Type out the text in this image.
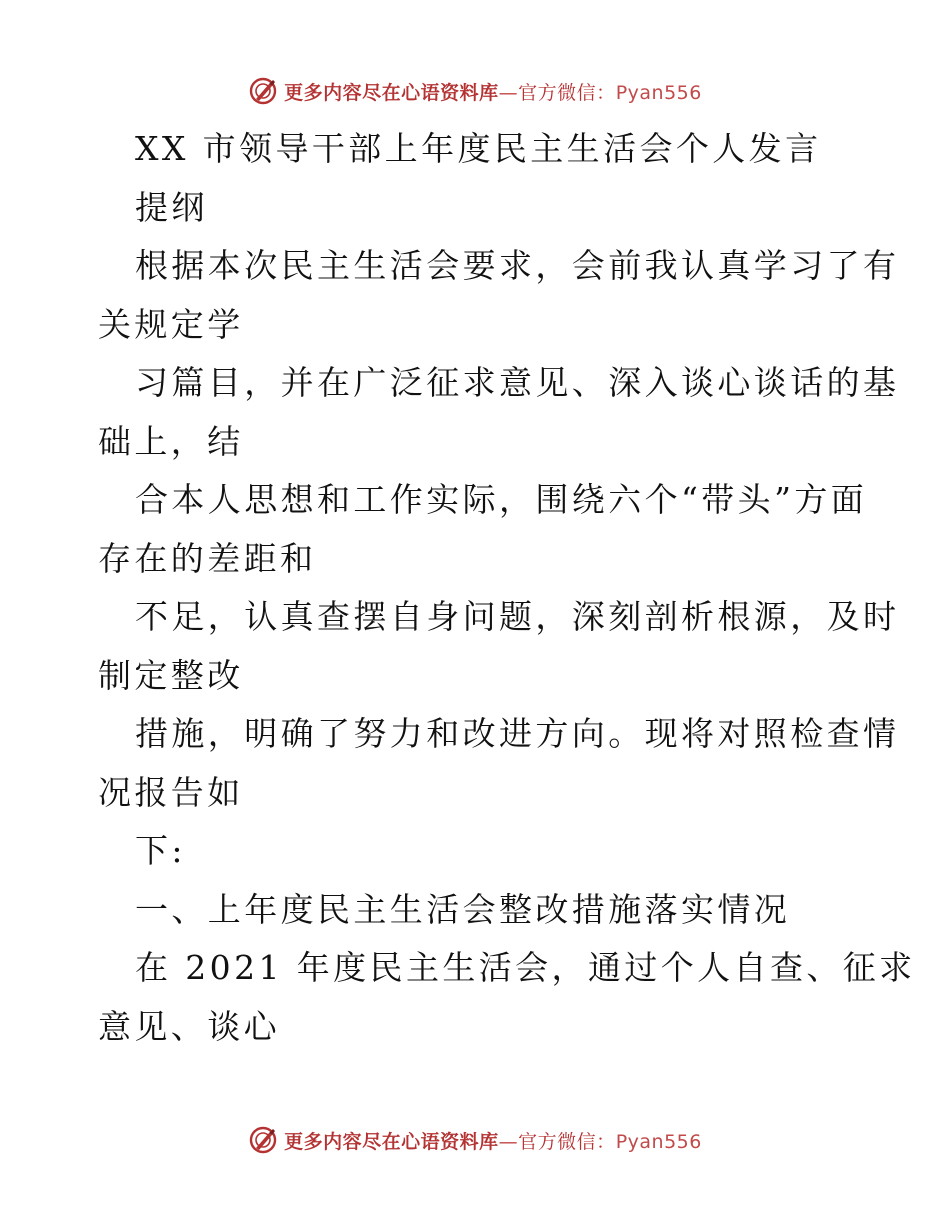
更多内容尽在心语资料库—官方微信：Pyan556
XX 市领导干部上年度民主生活会个人发言
提纲
根据本次民主生活会要求，会前我认真学习了有
关规定学
习篇目，并在广泛征求意见、深入谈心谈话的基
础上，结
合本人思想和工作实际，围绕六个“带头”方面
存在的差距和
不足，认真查摆自身问题，深刻剖析根源，及时
制定整改
措施，明确了努力和改进方向。现将对照检查情
况报告如
下:
一、上年度民主生活会整改措施落实情况
在 2021 年度民主生活会，通过个人自查、征求
意见、谈心
更多内容尽在心语资料库—官方微信：Pyan556
